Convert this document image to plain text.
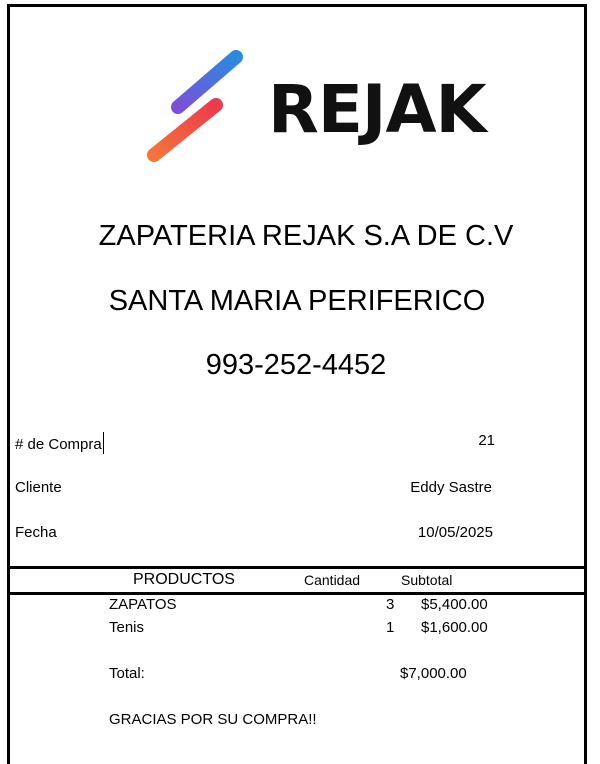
REJAK
ZAPATERIA REJAK S.A DE C.V
SANTA MARIA PERIFERICO
993-252-4452
# de Compra	21
Cliente	Eddy Sastre
Fecha	10/05/2025
PRODUCTOS	Cantidad	Subtotal
ZAPATOS	3 $5,400.00
Tenis	1 $1,600.00
Total:	$7,000.00
GRACIAS POR SU COMPRA!!
